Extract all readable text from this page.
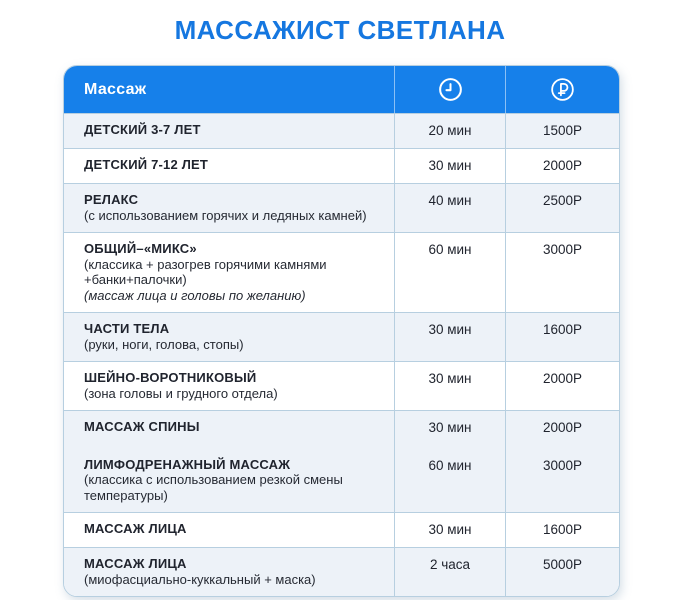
МАССАЖИСТ СВЕТЛАНА
Массаж
ДЕТСКИЙ 3-7 ЛЕТ	20 мин	1500Р
ДЕТСКИЙ 7-12 ЛЕТ	30 мин	2000Р
РЕЛАКС
(с использованием горячих и ледяных камней)
40 мин	2500Р
ОБЩИЙ–«МИКС»
(классика + разогрев горячими камнями +банки+палочки)
(массаж лица и головы по желанию)
60 мин	3000Р
ЧАСТИ ТЕЛА
(руки, ноги, голова, стопы)
30 мин	1600Р
ШЕЙНО-ВОРОТНИКОВЫЙ
(зона головы и грудного отдела)
30 мин	2000Р
МАССАЖ СПИНЫ	30 мин	2000Р
ЛИМФОДРЕНАЖНЫЙ МАССАЖ
(классика с использованием резкой смены температуры)
60 мин	3000Р
МАССАЖ ЛИЦА	30 мин	1600Р
МАССАЖ ЛИЦА
(миофасциально-куккальный + маска)
2 часа	5000Р
